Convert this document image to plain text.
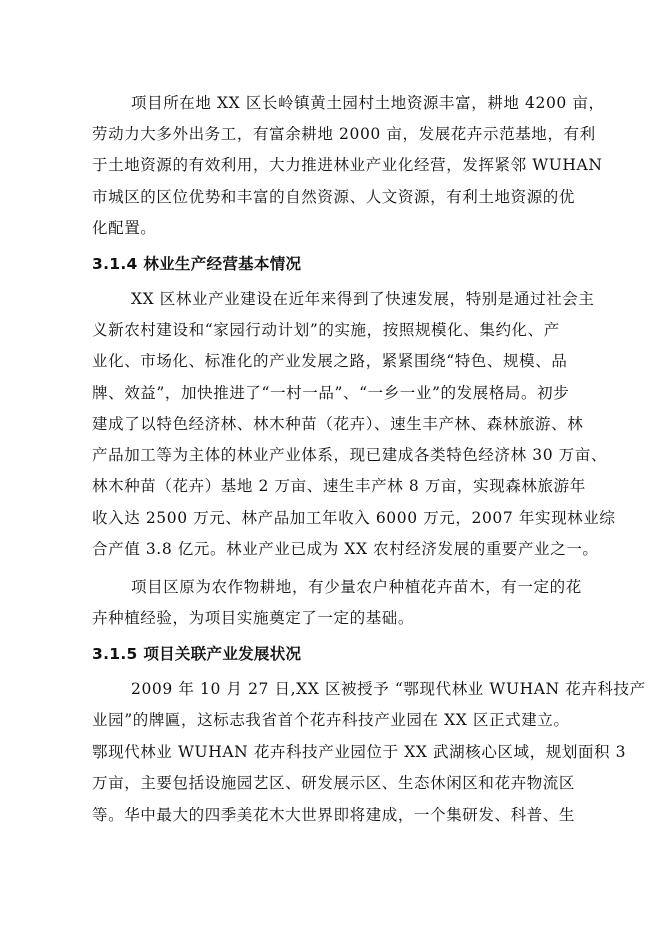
项目所在地 XX 区长岭镇黄土园村土地资源丰富，耕地 4200 亩，
劳动力大多外出务工，有富余耕地 2000 亩，发展花卉示范基地，有利
于土地资源的有效利用，大力推进林业产业化经营，发挥紧邻 WUHAN
市城区的区位优势和丰富的自然资源、人文资源，有利土地资源的优
化配置。
3.1.4 林业生产经营基本情况
XX 区林业产业建设在近年来得到了快速发展，特别是通过社会主
义新农村建设和“家园行动计划”的实施，按照规模化、集约化、产
业化、市场化、标准化的产业发展之路，紧紧围绕“特色、规模、品
牌、效益”，加快推进了“一村一品”、“一乡一业”的发展格局。初步
建成了以特色经济林、林木种苗（花卉）、速生丰产林、森林旅游、林
产品加工等为主体的林业产业体系，现已建成各类特色经济林 30 万亩、
林木种苗（花卉）基地 2 万亩、速生丰产林 8 万亩，实现森林旅游年
收入达 2500 万元、林产品加工年收入 6000 万元，2007 年实现林业综
合产值 3.8 亿元。林业产业已成为 XX 农村经济发展的重要产业之一。
项目区原为农作物耕地，有少量农户种植花卉苗木，有一定的花
卉种植经验，为项目实施奠定了一定的基础。
3.1.5 项目关联产业发展状况
2009 年 10 月 27 日,XX 区被授予 “鄂现代林业 WUHAN 花卉科技产
业园”的牌匾，这标志我省首个花卉科技产业园在 XX 区正式建立。
鄂现代林业 WUHAN 花卉科技产业园位于 XX 武湖核心区域，规划面积 3
万亩，主要包括设施园艺区、研发展示区、生态休闲区和花卉物流区
等。华中最大的四季美花木大世界即将建成，一个集研发、科普、生
